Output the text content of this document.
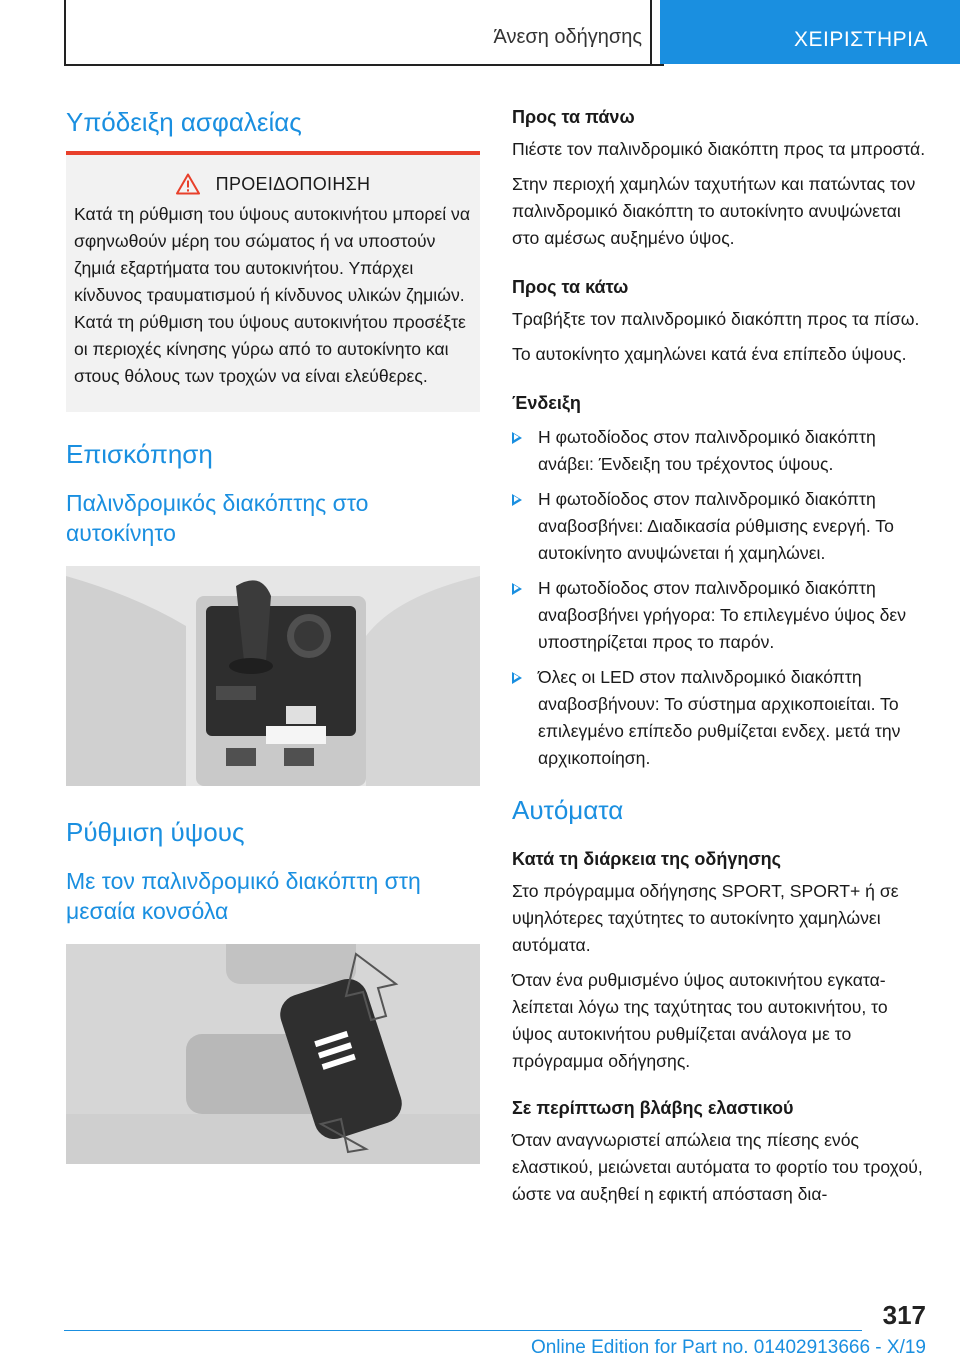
Άνεση οδήγησης	ΧΕΙΡΙΣΤΗΡΙΑ
Υπόδειξη ασφαλείας
ΠΡΟΕΙΔΟΠΟΙΗΣΗ

Κατά τη ρύθμιση του ύψους αυτοκινήτου μπορεί να σφηνωθούν μέρη του σώματος ή να υποστούν ζημιά εξαρτήματα του αυτοκινήτου. Υπάρχει κίνδυνος τραυματισμού ή κίνδυνος υλικών ζημιών. Κατά τη ρύθμιση του ύψους αυτοκινήτου προσέξτε οι περιοχές κίνησης γύρω από το αυτοκίνητο και στους θόλους των τροχών να είναι ελεύθερες.

Επισκόπηση
Παλινδρομικός διακόπτης στο αυτοκίνητο
Ρύθμιση ύψους
Με τον παλινδρομικό διακόπτη στη μεσαία κονσόλα
Προς τα πάνω

Πιέστε τον παλινδρομικό διακόπτη προς τα μπροστά.

Στην περιοχή χαμηλών ταχυτήτων και πατώντας τον παλινδρομικό διακόπτη το αυτοκίνητο ανυψώνεται στο αμέσως αυξημένο ύψος.

Προς τα κάτω

Τραβήξτε τον παλινδρομικό διακόπτη προς τα πίσω.

Το αυτοκίνητο χαμηλώνει κατά ένα επίπεδο ύψους.

Ένδειξη
Η φωτοδίοδος στον παλινδρομικό διακόπτη ανάβει: Ένδειξη του τρέχοντος ύψους.
Η φωτοδίοδος στον παλινδρομικό διακόπτη αναβοσβήνει: Διαδικασία ρύθμισης ενεργή. Το αυτοκίνητο ανυψώνεται ή χαμηλώνει.
Η φωτοδίοδος στον παλινδρομικό διακόπτη αναβοσβήνει γρήγορα: Το επιλεγμένο ύψος δεν υποστηρίζεται προς το παρόν.
Όλες οι LED στον παλινδρομικό διακόπτη αναβοσβήνουν: Το σύστημα αρχικοποιείται. Το επιλεγμένο επίπεδο ρυθμίζεται ενδεχ. μετά την αρχικοποίηση.
Αυτόματα
Κατά τη διάρκεια της οδήγησης

Στο πρόγραμμα οδήγησης SPORT, SPORT+ ή σε υψηλότερες ταχύτητες το αυτοκίνητο χαμηλώνει αυτόματα.

Όταν ένα ρυθμισμένο ύψος αυτοκινήτου εγκαταλείπεται λόγω της ταχύτητας του αυτοκινήτου, το ύψος αυτοκινήτου ρυθμίζεται ανάλογα με το πρόγραμμα οδήγησης.

Σε περίπτωση βλάβης ελαστικού

Όταν αναγνωριστεί απώλεια της πίεσης ενός ελαστικού, μειώνεται αυτόματα το φορτίο του τροχού, ώστε να αυξηθεί η εφικτή απόσταση δια-

317
Online Edition for Part no. 01402913666 - X/19
